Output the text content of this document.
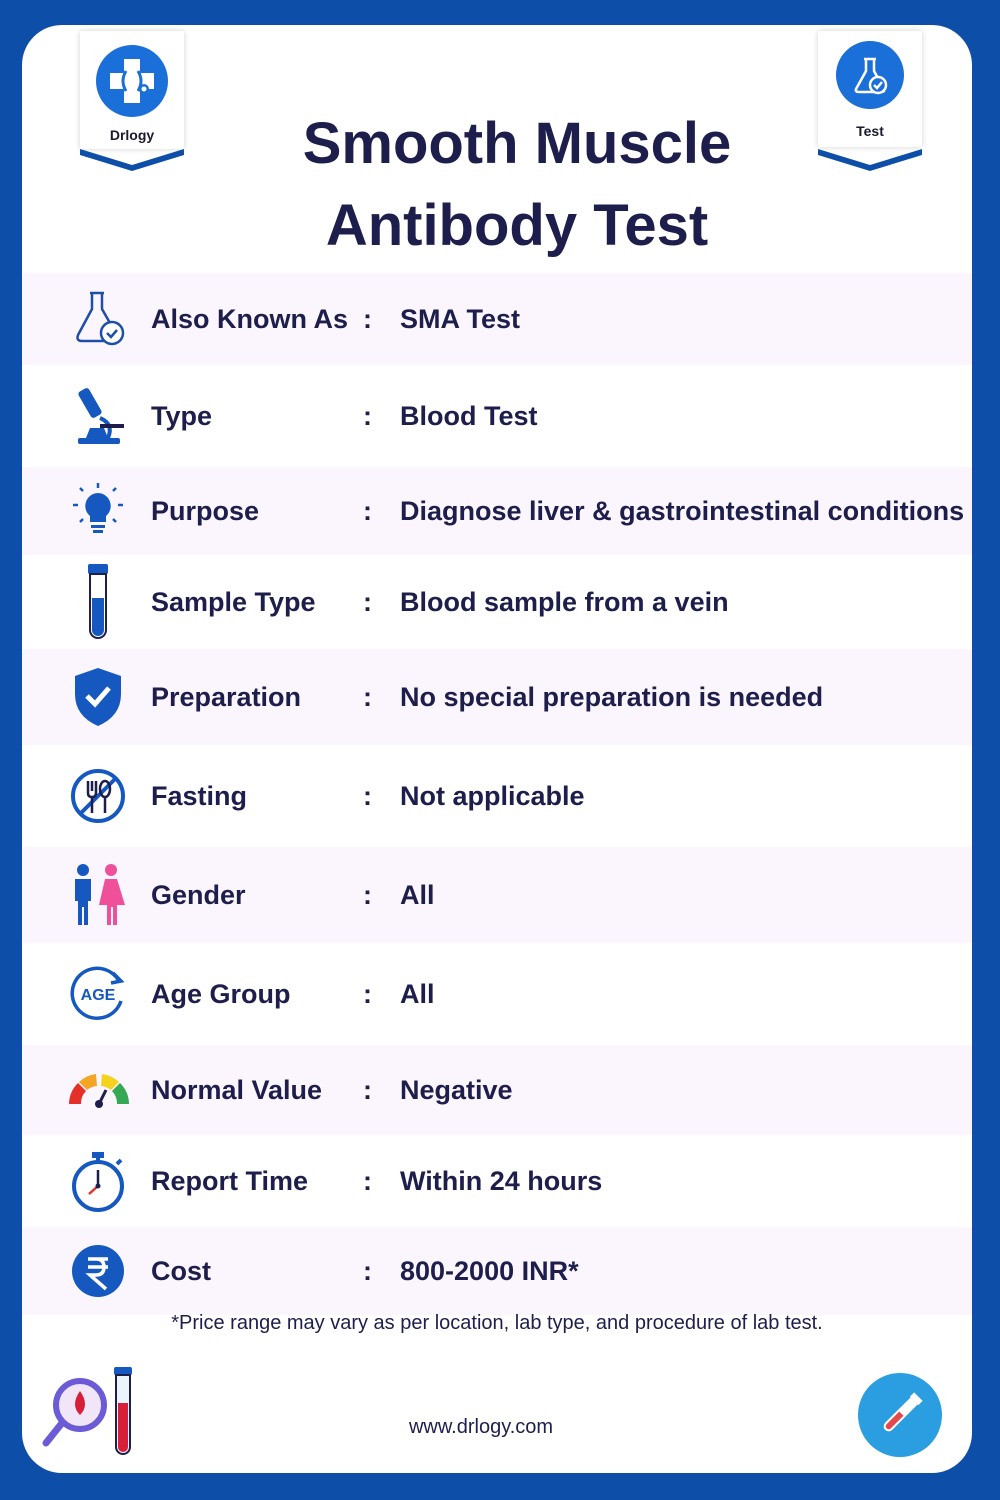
Drlogy	Test
Smooth Muscle
Antibody Test
Also Known As : SMA Test
Type	: Blood Test
Purpose	: Diagnose liver & gastrointestinal conditions
Sample Type : Blood sample from a vein
Preparation : No special preparation is needed
Fasting	: Not applicable
Gender	: All
AGE Age Group	: All
Normal Value : Negative
Report Time : Within 24 hours
Cost	: 800-2000 INR*
*Price range may vary as per location, lab type, and procedure of lab test.
www.drlogy.com
